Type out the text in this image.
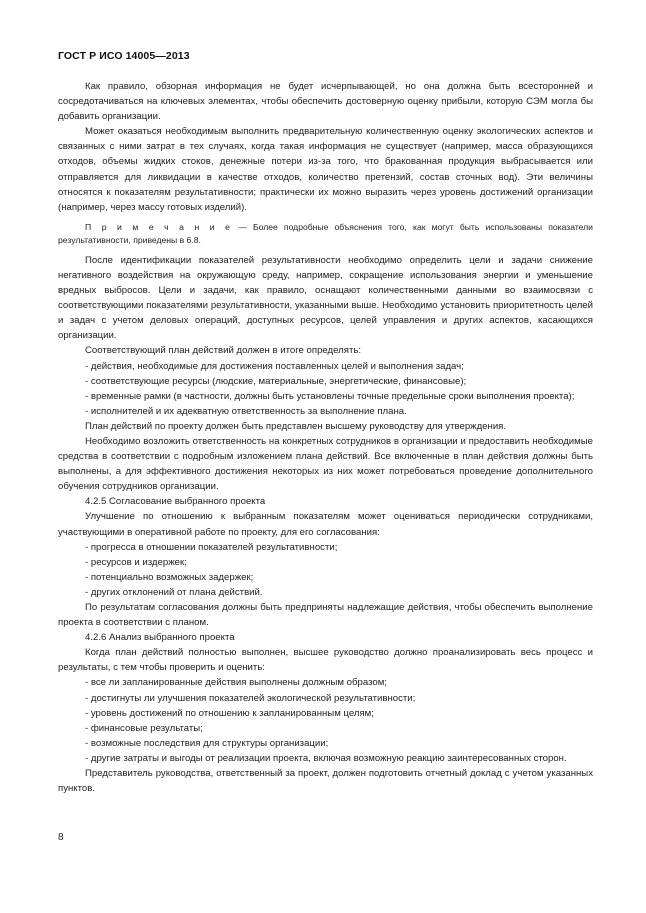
ГОСТ Р ИСО 14005—2013

Как правило, обзорная информация не будет исчерпывающей, но она должна быть всесторонней и сосредотачиваться на ключевых элементах, чтобы обеспечить достоверную оценку прибыли, которую СЭМ могла бы добавить организации.

Может оказаться необходимым выполнить предварительную количественную оценку экологических аспектов и связанных с ними затрат в тех случаях, когда такая информация не существует (например, масса образующихся отходов, объемы жидких стоков, денежные потери из-за того, что бракованная продукция выбрасывается или отправляется для ликвидации в качестве отходов, количество претензий, состав сточных вод). Эти величины относятся к показателям результативности; практически их можно выразить через уровень достижений организации (например, через массу готовых изделий).

П р и м е ч а н и е — Более подробные объяснения того, как могут быть использованы показатели результативности, приведены в 6.8.

После идентификации показателей результативности необходимо определить цели и задачи снижение негативного воздействия на окружающую среду, например, сокращение использования энергии и уменьшение вредных выбросов. Цели и задачи, как правило, оснащают количественными данными во взаимосвязи с соответствующими показателями результативности, указанными выше. Необходимо установить приоритетность целей и задач с учетом деловых операций, доступных ресурсов, целей управления и других аспектов, касающихся организации.

Соответствующий план действий должен в итоге определять:

- действия, необходимые для достижения поставленных целей и выполнения задач;

- соответствующие ресурсы (людские, материальные, энергетические, финансовые);

- временные рамки (в частности, должны быть установлены точные предельные сроки выполнения проекта);

- исполнителей и их адекватную ответственность за выполнение плана.

План действий по проекту должен быть представлен высшему руководству для утверждения.

Необходимо возложить ответственность на конкретных сотрудников в организации и предоставить необходимые средства в соответствии с подробным изложением плана действий. Все включенные в план действия должны быть выполнены, а для эффективного достижения некоторых из них может потребоваться проведение дополнительного обучения сотрудников организации.

4.2.5 Согласование выбранного проекта

Улучшение по отношению к выбранным показателям может оцениваться периодически сотрудниками, участвующими в оперативной работе по проекту, для его согласования:

- прогресса в отношении показателей результативности;

- ресурсов и издержек;

- потенциально возможных задержек;

- других отклонений от плана действий.

По результатам согласования должны быть предприняты надлежащие действия, чтобы обеспечить выполнение проекта в соответствии с планом.

4.2.6 Анализ выбранного проекта

Когда план действий полностью выполнен, высшее руководство должно проанализировать весь процесс и результаты, с тем чтобы проверить и оценить:

- все ли запланированные действия выполнены должным образом;

- достигнуты ли улучшения показателей экологической результативности;

- уровень достижений по отношению к запланированным целям;

- финансовые результаты;

- возможные последствия для структуры организации;

- другие затраты и выгоды от реализации проекта, включая возможную реакцию заинтересованных сторон.

Представитель руководства, ответственный за проект, должен подготовить отчетный доклад с учетом указанных пунктов.

8
